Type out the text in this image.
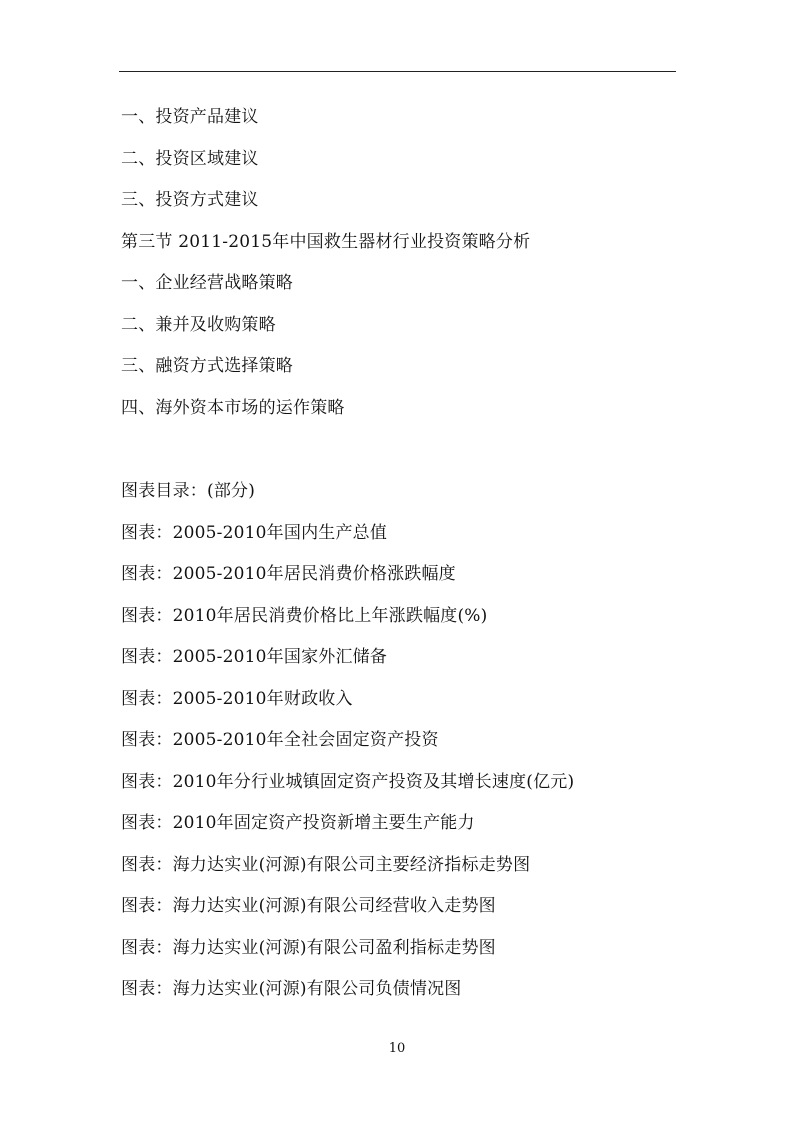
一、投资产品建议
二、投资区域建议
三、投资方式建议
第三节 2011-2015年中国救生器材行业投资策略分析
一、企业经营战略策略
二、兼并及收购策略
三、融资方式选择策略
四、海外资本市场的运作策略
图表目录：(部分)
图表：2005-2010年国内生产总值
图表：2005-2010年居民消费价格涨跌幅度
图表：2010年居民消费价格比上年涨跌幅度(%)
图表：2005-2010年国家外汇储备
图表：2005-2010年财政收入
图表：2005-2010年全社会固定资产投资
图表：2010年分行业城镇固定资产投资及其增长速度(亿元)
图表：2010年固定资产投资新增主要生产能力
图表：海力达实业(河源)有限公司主要经济指标走势图
图表：海力达实业(河源)有限公司经营收入走势图
图表：海力达实业(河源)有限公司盈利指标走势图
图表：海力达实业(河源)有限公司负债情况图
10
